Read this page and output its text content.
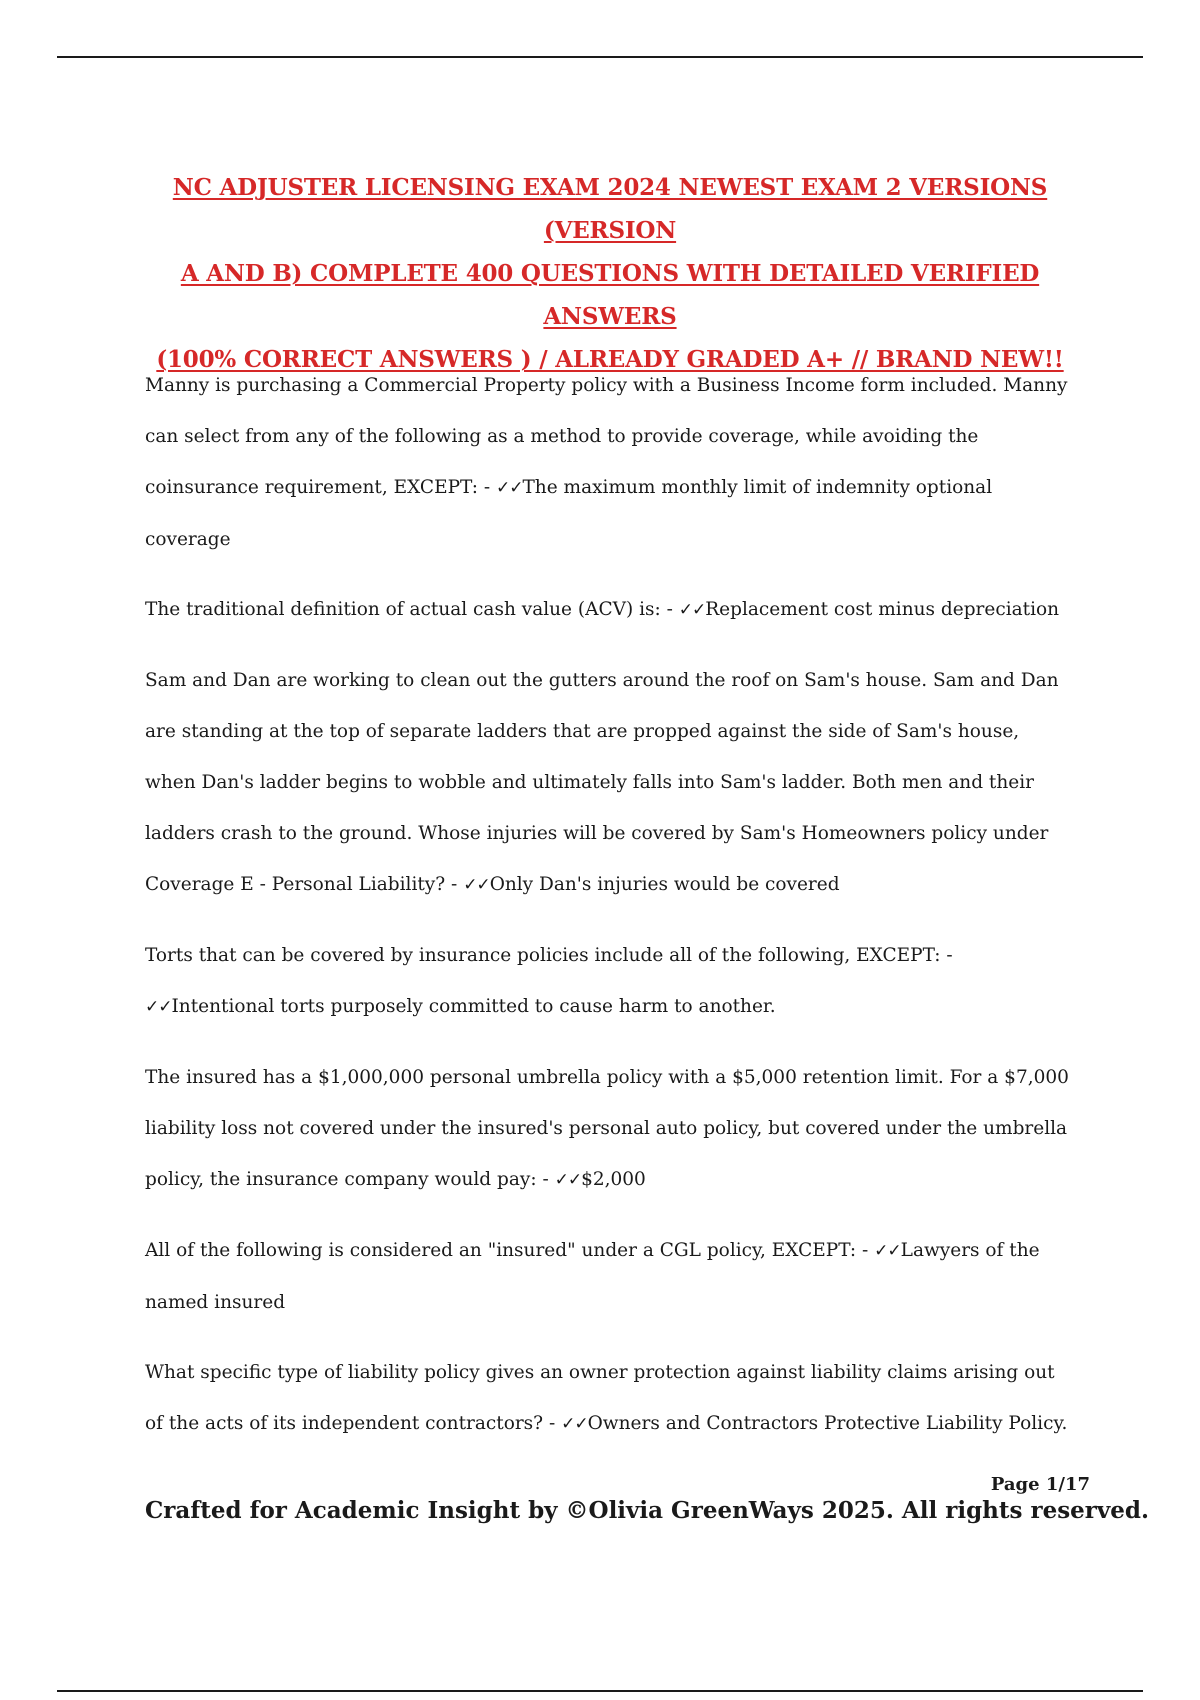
NC ADJUSTER LICENSING EXAM 2024 NEWEST EXAM 2 VERSIONS (VERSION
A AND B) COMPLETE 400 QUESTIONS WITH DETAILED VERIFIED ANSWERS
(100% CORRECT ANSWERS ) / ALREADY GRADED A+ // BRAND NEW!!

Manny is purchasing a Commercial Property policy with a Business Income form included. Manny can select from any of the following as a method to provide coverage, while avoiding the coinsurance requirement, EXCEPT: - ✓✓The maximum monthly limit of indemnity optional coverage

The traditional definition of actual cash value (ACV) is: - ✓✓Replacement cost minus depreciation

Sam and Dan are working to clean out the gutters around the roof on Sam's house. Sam and Dan are standing at the top of separate ladders that are propped against the side of Sam's house, when Dan's ladder begins to wobble and ultimately falls into Sam's ladder. Both men and their ladders crash to the ground. Whose injuries will be covered by Sam's Homeowners policy under Coverage E - Personal Liability? - ✓✓Only Dan's injuries would be covered

Torts that can be covered by insurance policies include all of the following, EXCEPT: - ✓✓Intentional torts purposely committed to cause harm to another.

The insured has a $1,000,000 personal umbrella policy with a $5,000 retention limit. For a $7,000 liability loss not covered under the insured's personal auto policy, but covered under the umbrella policy, the insurance company would pay: - ✓✓$2,000

All of the following is considered an "insured" under a CGL policy, EXCEPT: - ✓✓Lawyers of the named insured

What specific type of liability policy gives an owner protection against liability claims arising out of the acts of its independent contractors? - ✓✓Owners and Contractors Protective Liability Policy.

Page 1/17
Crafted for Academic Insight by ©Olivia GreenWays 2025. All rights reserved.
